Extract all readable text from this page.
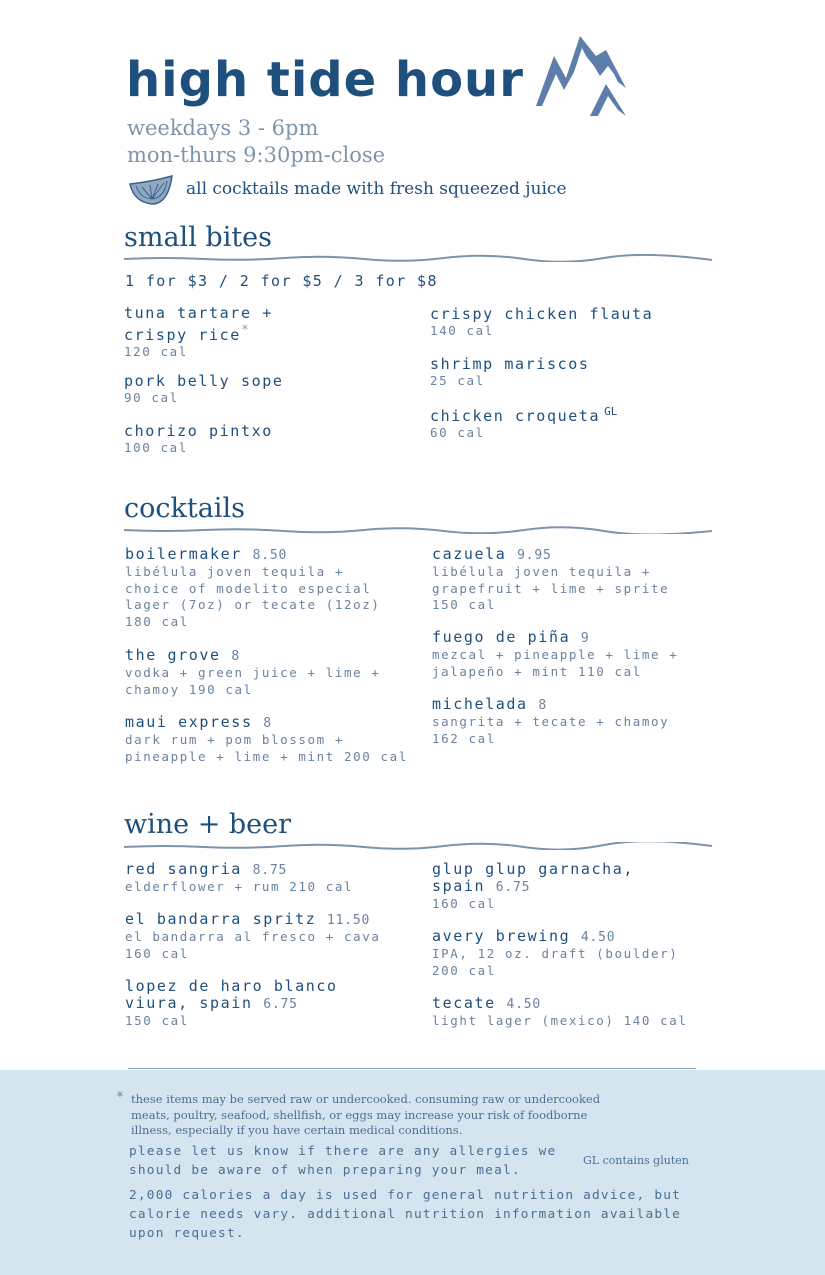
high tide hour
weekdays 3 - 6pm
mon-thurs 9:30pm-close
all cocktails made with fresh squeezed juice
small bites
1 for $3 / 2 for $5 / 3 for $8
tuna tartare +
crispy rice*
120 cal
pork belly sope
90 cal
chorizo pintxo
100 cal
crispy chicken flauta
140 cal
shrimp mariscos
25 cal
chicken croqueta $^{GL}$
60 cal
cocktails
boilermaker 8.50
libélula joven tequila +
choice of modelito especial
lager (7oz) or tecate (12oz)
180 cal
the grove 8
vodka + green juice + lime +
chamoy 190 cal
maui express 8
dark rum + pom blossom +
pineapple + lime + mint 200 cal
cazuela 9.95
libélula joven tequila +
grapefruit + lime + sprite
150 cal
fuego de piña 9
mezcal + pineapple + lime +
jalapeño + mint 110 cal
michelada 8
sangrita + tecate + chamoy
162 cal
wine + beer
red sangria 8.75
elderflower + rum 210 cal
el bandarra spritz 11.50
el bandarra al fresco + cava
160 cal
lopez de haro blanco
viura, spain 6.75
150 cal
glup glup garnacha,
spain 6.75
160 cal
avery brewing 4.50
IPA, 12 oz. draft (boulder)
200 cal
tecate 4.50
light lager (mexico) 140 cal
* these items may be served raw or undercooked. consuming raw or undercooked meats, poultry, seafood, shellfish, or eggs may increase your risk of foodborne illness, especially if you have certain medical conditions.
please let us know if there are any allergies we should be aware of when preparing your meal.
GL contains gluten
2,000 calories a day is used for general nutrition advice, but calorie needs vary. additional nutrition information available upon request.
